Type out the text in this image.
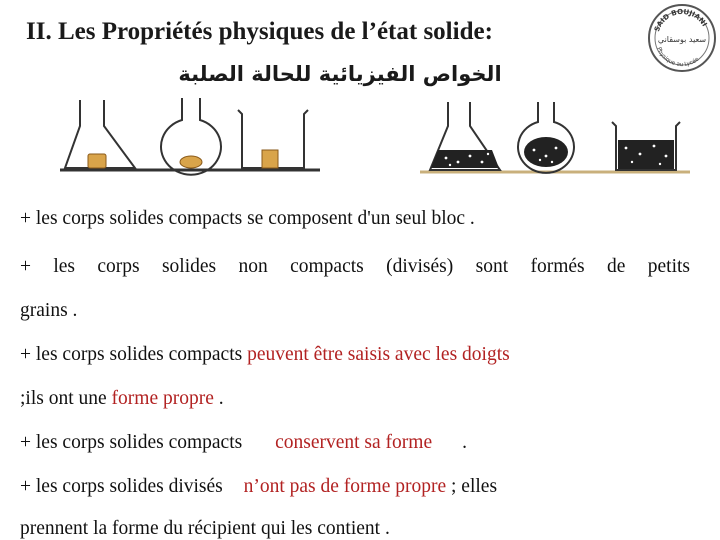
II. Les Propriétés physiques de l’état solide:
الخواص الفيزيائية للحالة الصلبة
SAID BOUJIANI
Physique au Lycée
سعيد بوسقاني
+ les corps solides compacts se composent d'un seul bloc .
+ les corps solides non compacts (divisés) sont formés de petits
grains .
+ les corps solides compacts peuvent être saisis avec les doigts
;ils ont une forme propre .
+ les corps solides compacts conservent sa forme .
+ les corps solides divisés n’ont pas de forme propre ; elles
prennent la forme du récipient qui les contient .
